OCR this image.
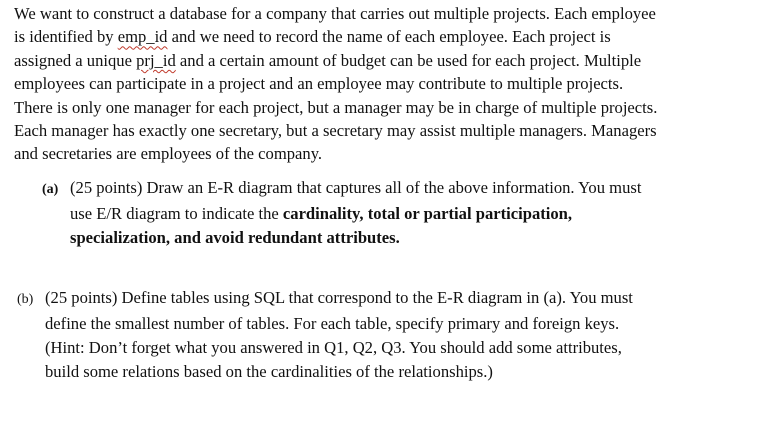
We want to construct a database for a company that carries out multiple projects. Each employee
is identified by emp_id and we need to record the name of each employee. Each project is
assigned a unique prj_id and a certain amount of budget can be used for each project. Multiple
employees can participate in a project and an employee may contribute to multiple projects.
There is only one manager for each project, but a manager may be in charge of multiple projects.
Each manager has exactly one secretary, but a secretary may assist multiple managers. Managers
and secretaries are employees of the company.

(a) (25 points) Draw an E-R diagram that captures all of the above information. You must
use E/R diagram to indicate the cardinality, total or partial participation,
specialization, and avoid redundant attributes.
(b) (25 points) Define tables using SQL that correspond to the E-R diagram in (a). You must
define the smallest number of tables. For each table, specify primary and foreign keys.
(Hint: Don’t forget what you answered in Q1, Q2, Q3. You should add some attributes,
build some relations based on the cardinalities of the relationships.)
